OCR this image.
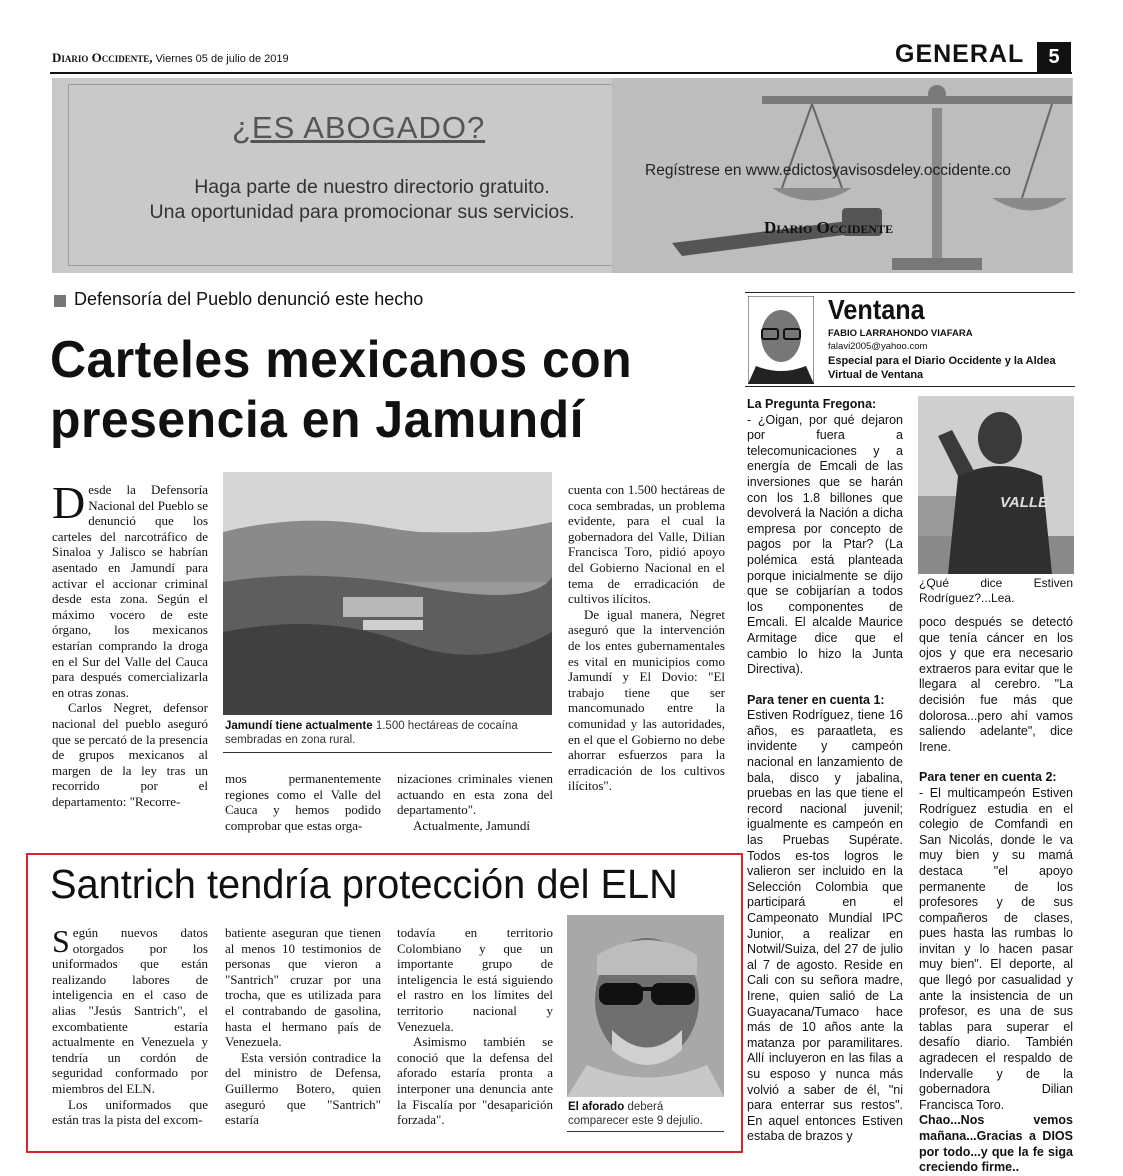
Diario Occidente, Viernes 05 de julio de 2019	GENERAL	5
¿ES ABOGADO?
Haga parte de nuestro directorio gratuito.
Una oportunidad para promocionar sus servicios.
Regístrese en www.edictosyavisosdeley.occidente.co
Diario Occidente
Defensoría del Pueblo denunció este hecho
Carteles mexicanos con
presencia en Jamundí

Desde la Defensoría Nacional del Pueblo se denunció que los carteles del narcotráfico de Sinaloa y Jalisco se habrían asentado en Jamundí para activar el accionar criminal desde esta zona. Según el máximo vocero de este órgano, los mexicanos estarían comprando la droga en el Sur del Valle del Cauca para después comercializarla en otras zonas.

Carlos Negret, defensor nacional del pueblo aseguró que se percató de la presencia de grupos mexicanos al margen de la ley tras un recorrido por el departamento: "Recorre-

Jamundí tiene actualmente 1.500 hectáreas de cocaína sembradas en zona rural.

mos permanentemente regiones como el Valle del Cauca y hemos podido comprobar que estas orga-

nizaciones criminales vienen actuando en esta zona del departamento".

Actualmente, Jamundí

cuenta con 1.500 hectáreas de coca sembradas, un problema evidente, para el cual la gobernadora del Valle, Dilian Francisca Toro, pidió apoyo del Gobierno Nacional en el tema de erradicación de cultivos ilícitos.

De igual manera, Negret aseguró que la intervención de los entes gubernamentales es vital en municipios como Jamundí y El Dovio: "El trabajo tiene que ser mancomunado entre la comunidad y las autoridades, en el que el Gobierno no debe ahorrar esfuerzos para la erradicación de los cultivos ilícitos".

Santrich tendría protección del ELN

Según nuevos datos otorgados por los uniformados que están realizando labores de inteligencia en el caso de alias "Jesús Santrich", el excombatiente estaría actualmente en Venezuela y tendría un cordón de seguridad conformado por miembros del ELN.

Los uniformados que están tras la pista del excom-

batiente aseguran que tienen al menos 10 testimonios de personas que vieron a "Santrich" cruzar por una trocha, que es utilizada para el contrabando de gasolina, hasta el hermano país de Venezuela.

Esta versión contradice la del ministro de Defensa, Guillermo Botero, quien aseguró que "Santrich" estaría

todavía en territorio Colombiano y que un importante grupo de inteligencia le está siguiendo el rastro en los límites del territorio nacional y Venezuela.

Asimismo también se conoció que la defensa del aforado estaría pronta a interponer una denuncia ante la Fiscalía por "desaparición forzada".

El aforado deberá comparecer este 9 dejulio.
Ventana
FABIO LARRAHONDO VIAFARA
falavi2005@yahoo.com
Especial para el Diario Occidente y la Aldea Virtual de Ventana

La Pregunta Fregona:

- ¿Oigan, por qué dejaron por fuera a telecomunicaciones y a energía de Emcali de las inversiones que se harán con los 1.8 billones que devolverá la Nación a dicha empresa por concepto de pagos por la Ptar? (La polémica está planteada porque inicialmente se dijo que se cobijarían a todos los componentes de Emcali. El alcalde Maurice Armitage dice que el cambio lo hizo la Junta Directiva).

Para tener en cuenta 1:

Estiven Rodríguez, tiene 16 años, es paraatleta, es invidente y campeón nacional en lanzamiento de bala, disco y jabalina, pruebas en las que tiene el record nacional juvenil; igualmente es campeón en las Pruebas Supérate. Todos es-tos logros le valieron ser incluido en la Selección Colombia que participará en el Campeonato Mundial IPC Junior, a realizar en Notwil/Suiza, del 27 de julio al 7 de agosto. Reside en Cali con su señora madre, Irene, quien salió de La Guayacana/Tumaco hace más de 10 años ante la matanza por paramilitares. Allí incluyeron en las filas a su esposo y nunca más volvió a saber de él, "ni para enterrar sus restos". En aquel entonces Estiven estaba de brazos y

VALLE
¿Qué dice Estiven Rodríguez?...Lea.

poco después se detectó que tenía cáncer en los ojos y que era necesario extraeros para evitar que le llegara al cerebro. "La decisión fue más que dolorosa...pero ahí vamos saliendo adelante", dice Irene.

Para tener en cuenta 2:

- El multicampeón Estiven Rodríguez estudia en el colegio de Comfandi en San Nicolás, donde le va muy bien y su mamá destaca "el apoyo permanente de los profesores y de sus compañeros de clases, pues hasta las rumbas lo invitan y lo hacen pasar muy bien". El deporte, al que llegó por casualidad y ante la insistencia de un profesor, es una de sus tablas para superar el desafío diario. También agradecen el respaldo de Indervalle y de la gobernadora Dilian Francisca Toro.

Chao...Nos vemos mañana...Gracias a DIOS por todo...y que la fe siga creciendo firme..
